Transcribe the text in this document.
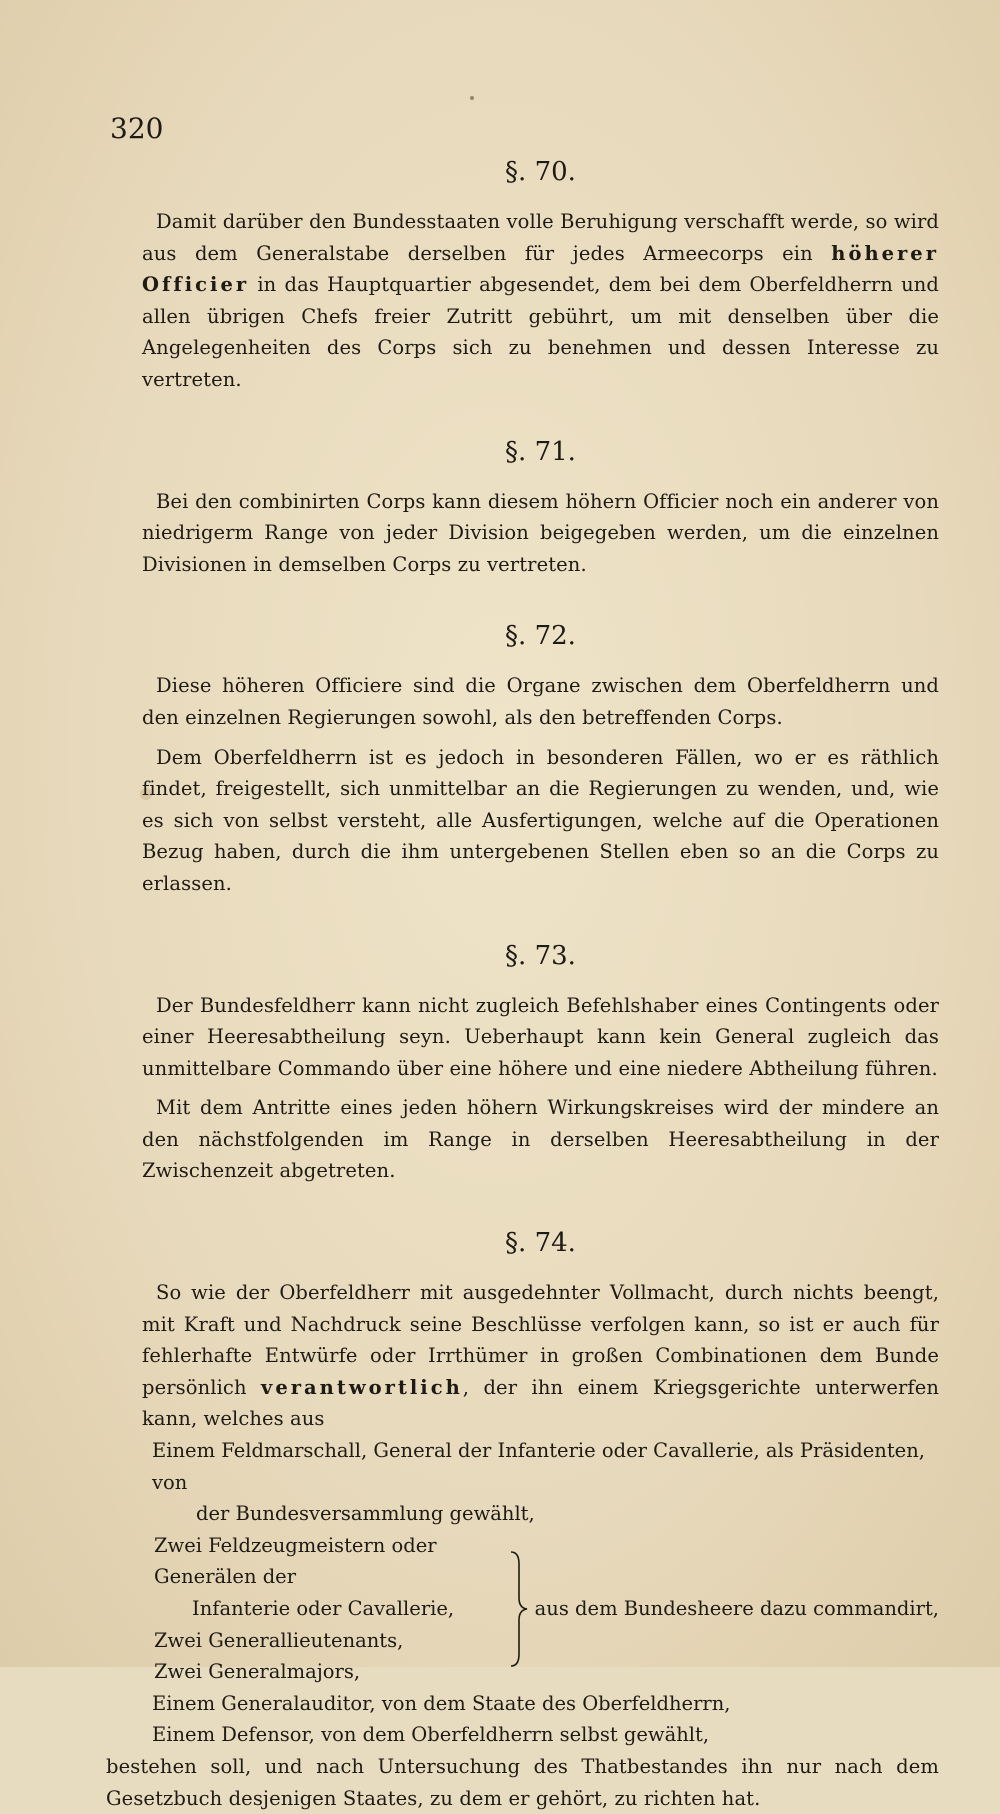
320
§. 70.

Damit darüber den Bundesstaaten volle Beruhigung verschafft werde, so wird aus dem Generalstabe derselben für jedes Armeecorps ein höherer Officier in das Hauptquartier abgesendet, dem bei dem Oberfeldherrn und allen übrigen Chefs freier Zutritt gebührt, um mit denselben über die Angelegenheiten des Corps sich zu benehmen und dessen Interesse zu vertreten.

§. 71.

Bei den combinirten Corps kann diesem höhern Officier noch ein anderer von niedrigerm Range von jeder Division beigegeben werden, um die einzelnen Divisionen in demselben Corps zu vertreten.

§. 72.

Diese höheren Officiere sind die Organe zwischen dem Oberfeldherrn und den einzelnen Regierungen sowohl, als den betreffenden Corps.

Dem Oberfeldherrn ist es jedoch in besonderen Fällen, wo er es räthlich findet, freigestellt, sich unmittelbar an die Regierungen zu wenden, und, wie es sich von selbst versteht, alle Ausfertigungen, welche auf die Operationen Bezug haben, durch die ihm untergebenen Stellen eben so an die Corps zu erlassen.

§. 73.

Der Bundesfeldherr kann nicht zugleich Befehlshaber eines Contingents oder einer Heeresabtheilung seyn. Ueberhaupt kann kein General zugleich das unmittelbare Commando über eine höhere und eine niedere Abtheilung führen.

Mit dem Antritte eines jeden höhern Wirkungskreises wird der mindere an den nächstfolgenden im Range in derselben Heeresabtheilung in der Zwischenzeit abgetreten.

§. 74.

So wie der Oberfeldherr mit ausgedehnter Vollmacht, durch nichts beengt, mit Kraft und Nachdruck seine Beschlüsse verfolgen kann, so ist er auch für fehlerhafte Entwürfe oder Irrthümer in großen Combinationen dem Bunde persönlich verantwortlich, der ihn einem Kriegsgerichte unterwerfen kann, welches aus

Einem Feldmarschall, General der Infanterie oder Cavallerie, als Präsidenten, von
der Bundesversammlung gewählt,
Zwei Feldzeugmeistern oder Generälen der
Infanterie oder Cavallerie,
Zwei Generallieutenants,
Zwei Generalmajors,
aus dem Bundesheere dazu commandirt,
Einem Generalauditor, von dem Staate des Oberfeldherrn,
Einem Defensor, von dem Oberfeldherrn selbst gewählt,

bestehen soll, und nach Untersuchung des Thatbestandes ihn nur nach dem Gesetzbuch desjenigen Staates, zu dem er gehört, zu richten hat.
